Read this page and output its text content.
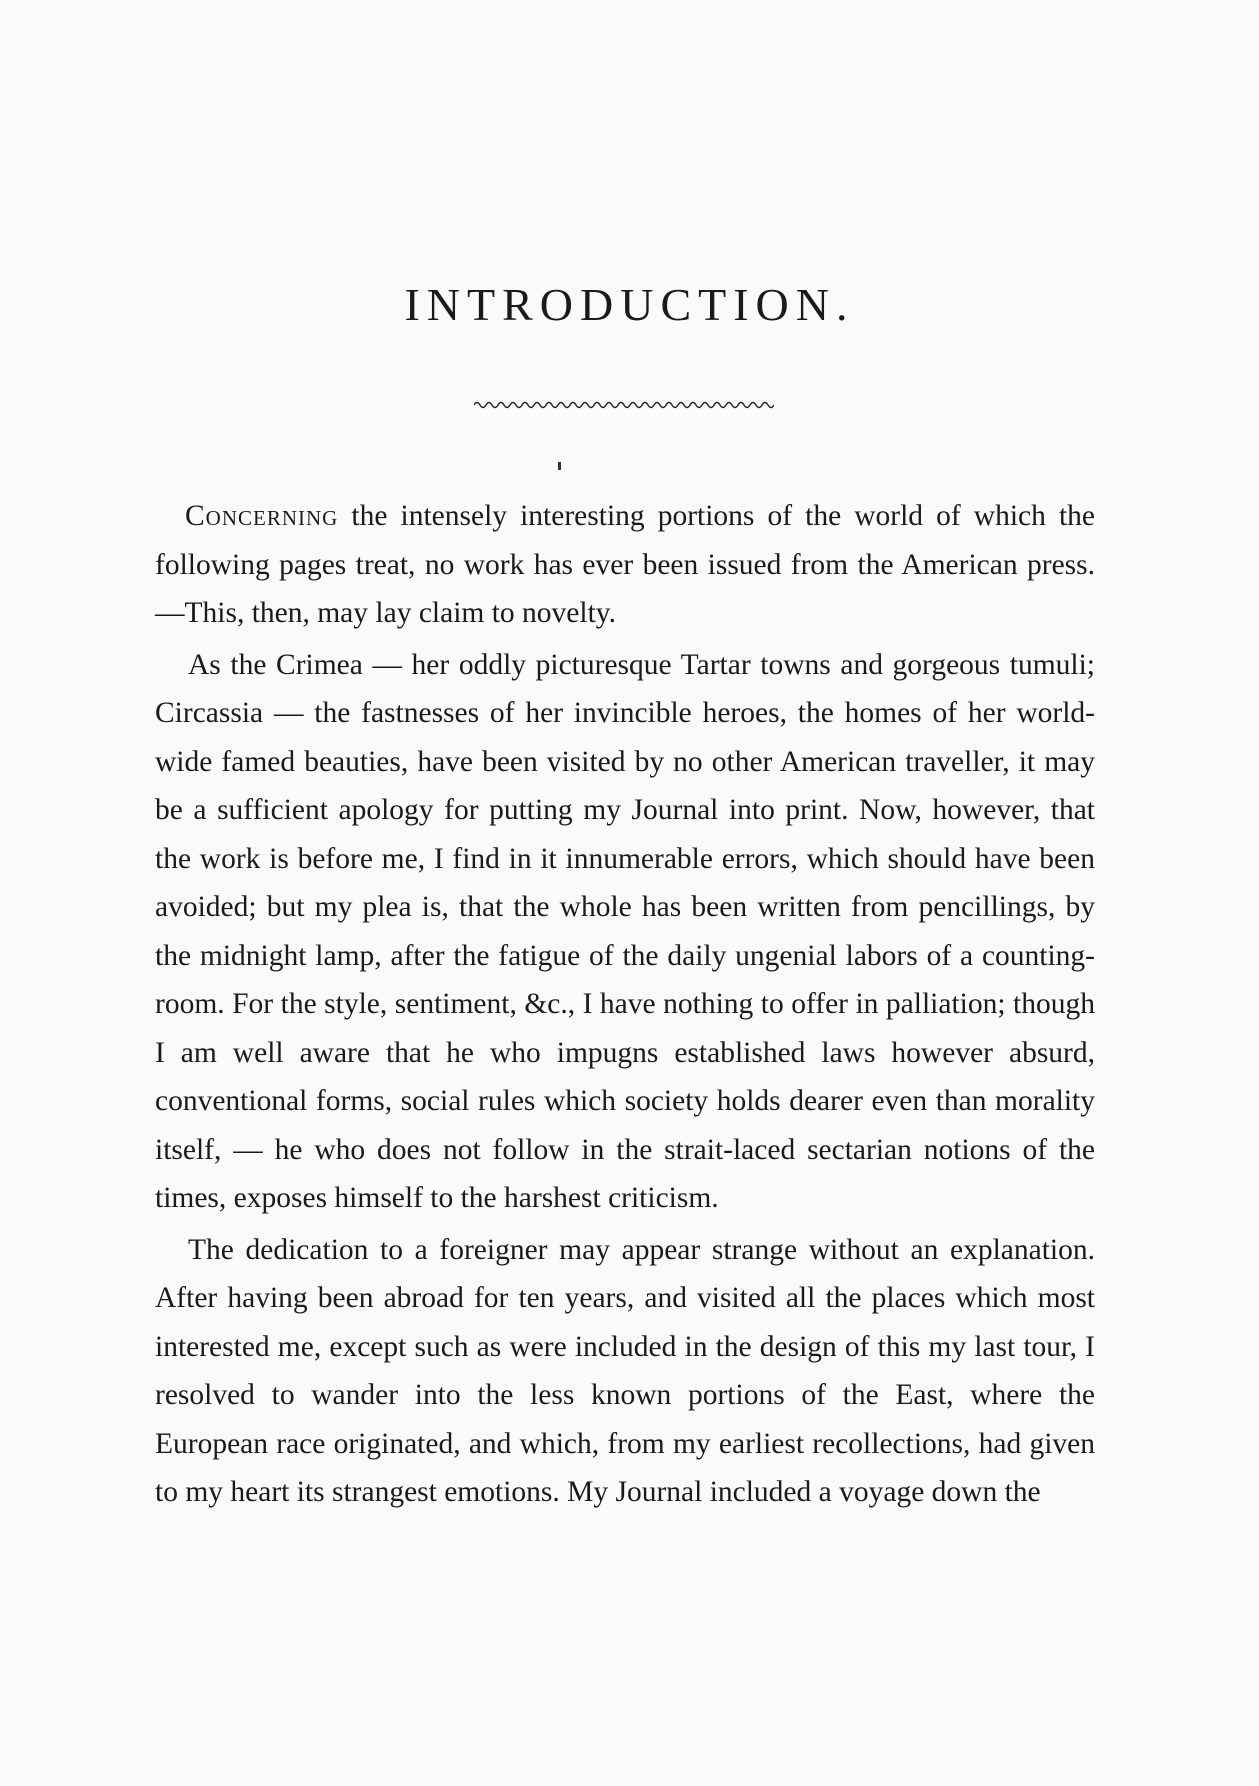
INTRODUCTION.

Concerning the intensely interesting portions of the world of which the following pages treat, no work has ever been issued from the American press.—This, then, may lay claim to novelty.

As the Crimea — her oddly picturesque Tartar towns and gorgeous tumuli; Circassia — the fastnesses of her invincible heroes, the homes of her world-wide famed beauties, have been visited by no other American traveller, it may be a sufficient apology for putting my Journal into print. Now, however, that the work is before me, I find in it innumerable errors, which should have been avoided; but my plea is, that the whole has been written from pencillings, by the midnight lamp, after the fatigue of the daily ungenial labors of a counting-room. For the style, sentiment, &c., I have nothing to offer in palliation; though I am well aware that he who impugns established laws however absurd, conventional forms, social rules which society holds dearer even than morality itself, — he who does not follow in the strait-laced sectarian notions of the times, exposes himself to the harshest criticism.

The dedication to a foreigner may appear strange without an explanation. After having been abroad for ten years, and visited all the places which most interested me, except such as were included in the design of this my last tour, I resolved to wander into the less known portions of the East, where the European race originated, and which, from my earliest recollections, had given to my heart its strangest emotions. My Journal included a voyage down the
